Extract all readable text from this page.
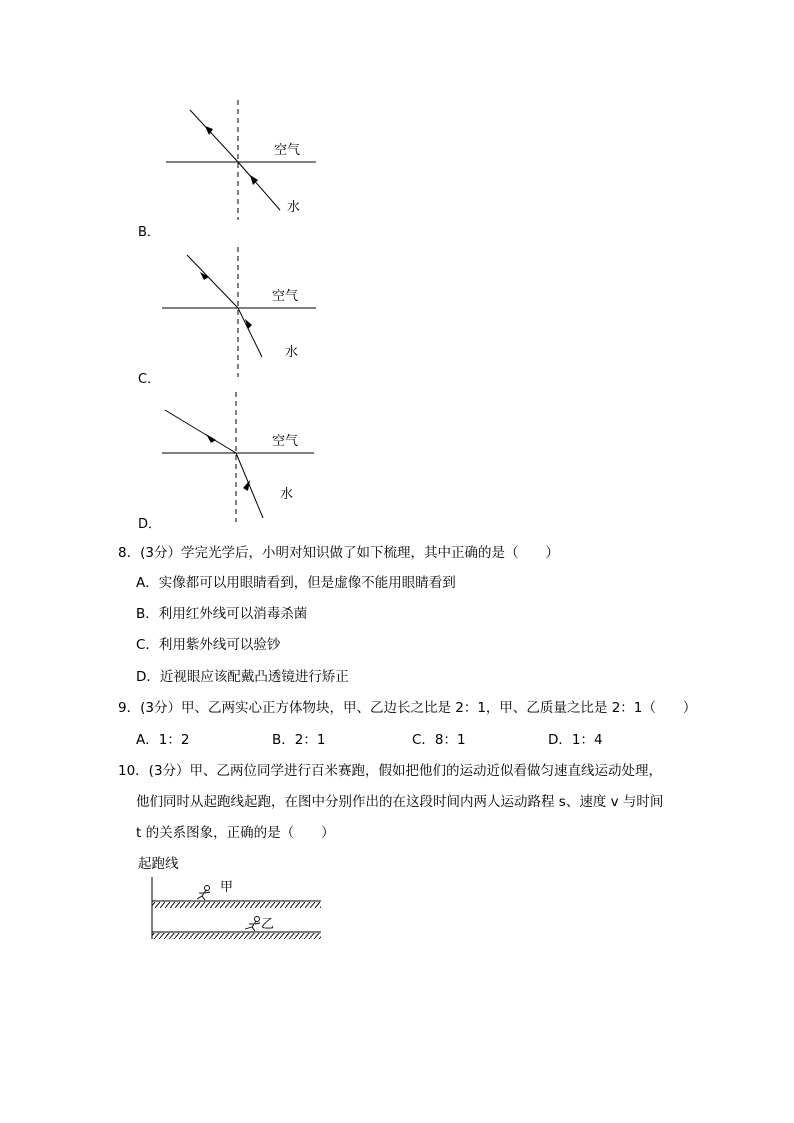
空气
水
B．
空气
水
C．
空气
水
D．
8．(3分）学完光学后，小明对知识做了如下梳理，其中正确的是（　　）
A．实像都可以用眼睛看到，但是虚像不能用眼睛看到
B．利用红外线可以消毒杀菌
C．利用紫外线可以验钞
D．近视眼应该配戴凸透镜进行矫正
9．(3分）甲、乙两实心正方体物块，甲、乙边长之比是 2：1，甲、乙质量之比是 2：1（　　）
A．1：2	B．2：1	C．8：1	D．1：4
10．(3分）甲、乙两位同学进行百米赛跑，假如把他们的运动近似看做匀速直线运动处理，
他们同时从起跑线起跑，在图中分别作出的在这段时间内两人运动路程 s、速度 v 与时间
t 的关系图象，正确的是（　　）
起跑线
甲
乙
